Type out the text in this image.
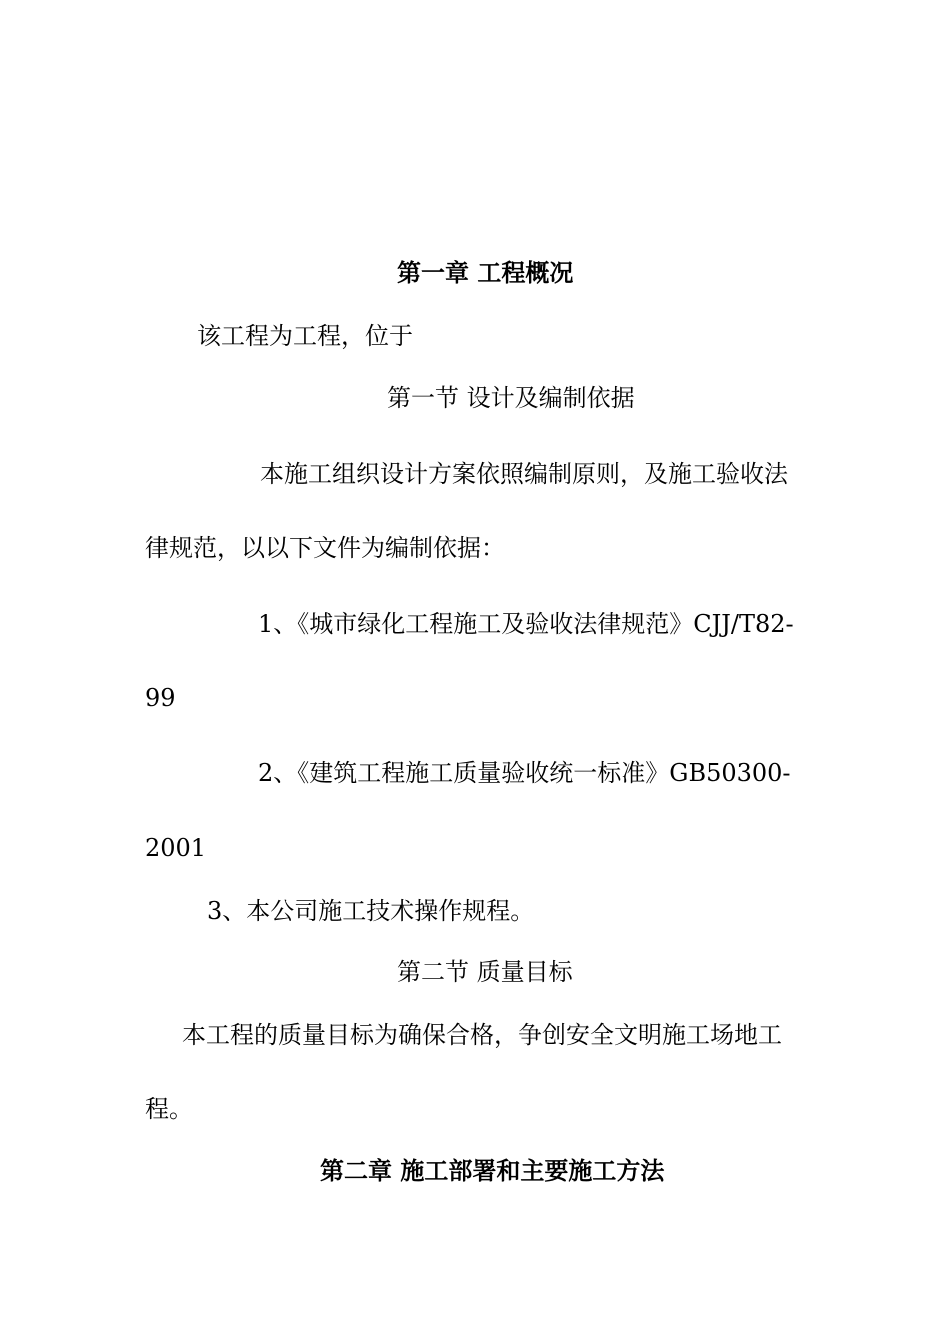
第一章 工程概况

该工程为工程，位于

第一节 设计及编制依据

本施工组织设计方案依照编制原则，及施工验收法

律规范，以以下文件为编制依据：

1、《城市绿化工程施工及验收法律规范》CJJ/T82-

99

2、《建筑工程施工质量验收统一标准》GB50300-

2001

3、本公司施工技术操作规程。

第二节 质量目标

本工程的质量目标为确保合格，争创安全文明施工场地工

程。

第二章 施工部署和主要施工方法
